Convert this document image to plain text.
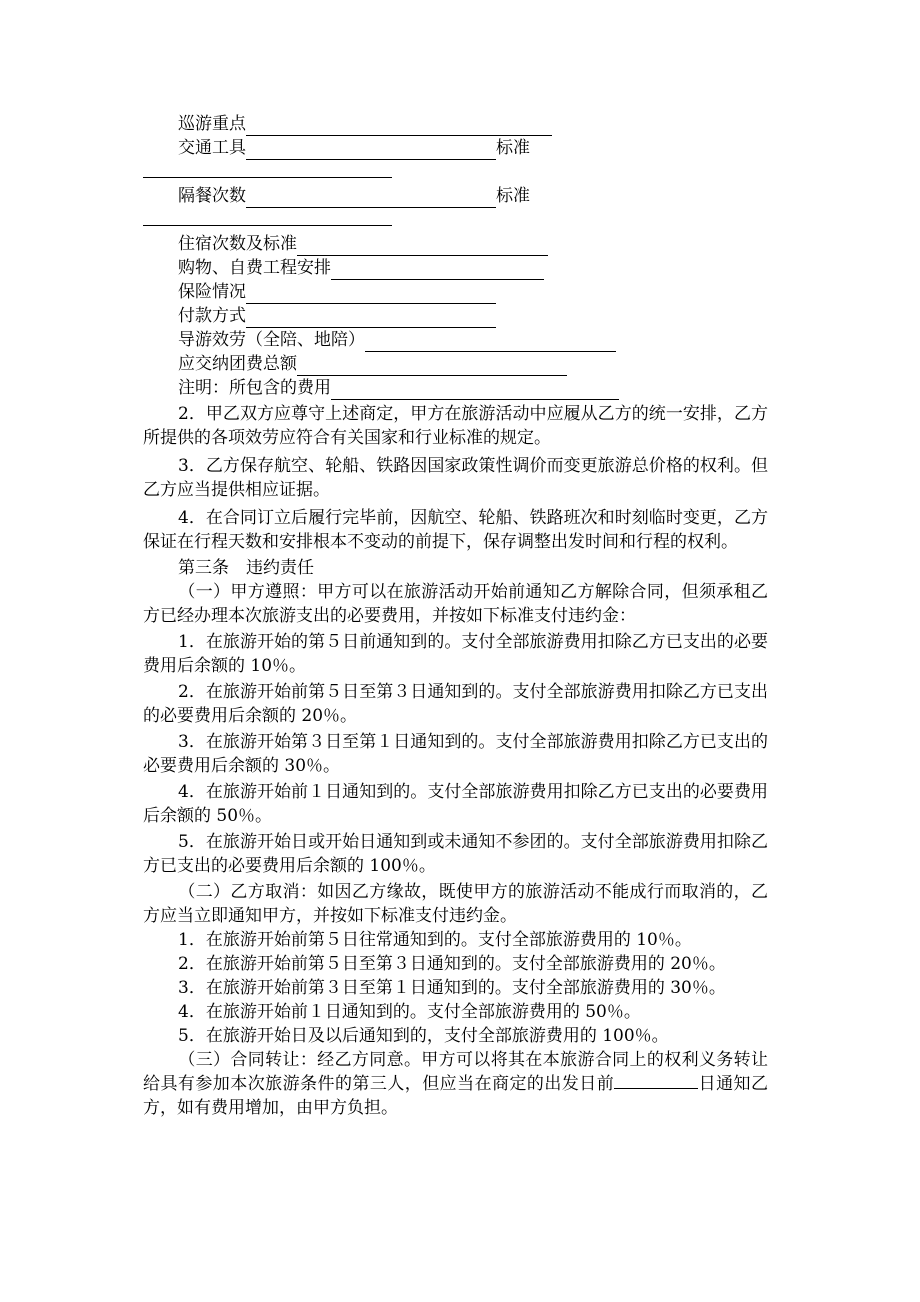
巡游重点
交通工具	标准
隔餐次数	标准
住宿次数及标准
购物、自费工程安排
保险情况
付款方式
导游效劳（全陪、地陪）
应交纳团费总额
注明：所包含的费用

2．甲乙双方应尊守上述商定，甲方在旅游活动中应履从乙方的统一安排，乙方所提供的各项效劳应符合有关国家和行业标准的规定。

3．乙方保存航空、轮船、铁路因国家政策性调价而变更旅游总价格的权利。但乙方应当提供相应证据。

4．在合同订立后履行完毕前，因航空、轮船、铁路班次和时刻临时变更，乙方保证在行程天数和安排根本不变动的前提下，保存调整出发时间和行程的权利。

第三条　违约责任

（一）甲方遵照：甲方可以在旅游活动开始前通知乙方解除合同，但须承租乙方已经办理本次旅游支出的必要费用，并按如下标准支付违约金：

1．在旅游开始的第５日前通知到的。支付全部旅游费用扣除乙方已支出的必要费用后余额的 10％。

2．在旅游开始前第５日至第３日通知到的。支付全部旅游费用扣除乙方已支出的必要费用后余额的 20％。

3．在旅游开始第３日至第１日通知到的。支付全部旅游费用扣除乙方已支出的必要费用后余额的 30％。

4．在旅游开始前１日通知到的。支付全部旅游费用扣除乙方已支出的必要费用后余额的 50％。

5．在旅游开始日或开始日通知到或未通知不参团的。支付全部旅游费用扣除乙方已支出的必要费用后余额的 100％。

（二）乙方取消：如因乙方缘故，既使甲方的旅游活动不能成行而取消的，乙方应当立即通知甲方，并按如下标准支付违约金。

1．在旅游开始前第５日往常通知到的。支付全部旅游费用的 10％。
2．在旅游开始前第５日至第３日通知到的。支付全部旅游费用的 20％。
3．在旅游开始前第３日至第１日通知到的。支付全部旅游费用的 30％。
4．在旅游开始前１日通知到的。支付全部旅游费用的 50％。
5．在旅游开始日及以后通知到的，支付全部旅游费用的 100％。

（三）合同转让：经乙方同意。甲方可以将其在本旅游合同上的权利义务转让给具有参加本次旅游条件的第三人，但应当在商定的出发日前	日通知乙方，如有费用增加，由甲方负担。
